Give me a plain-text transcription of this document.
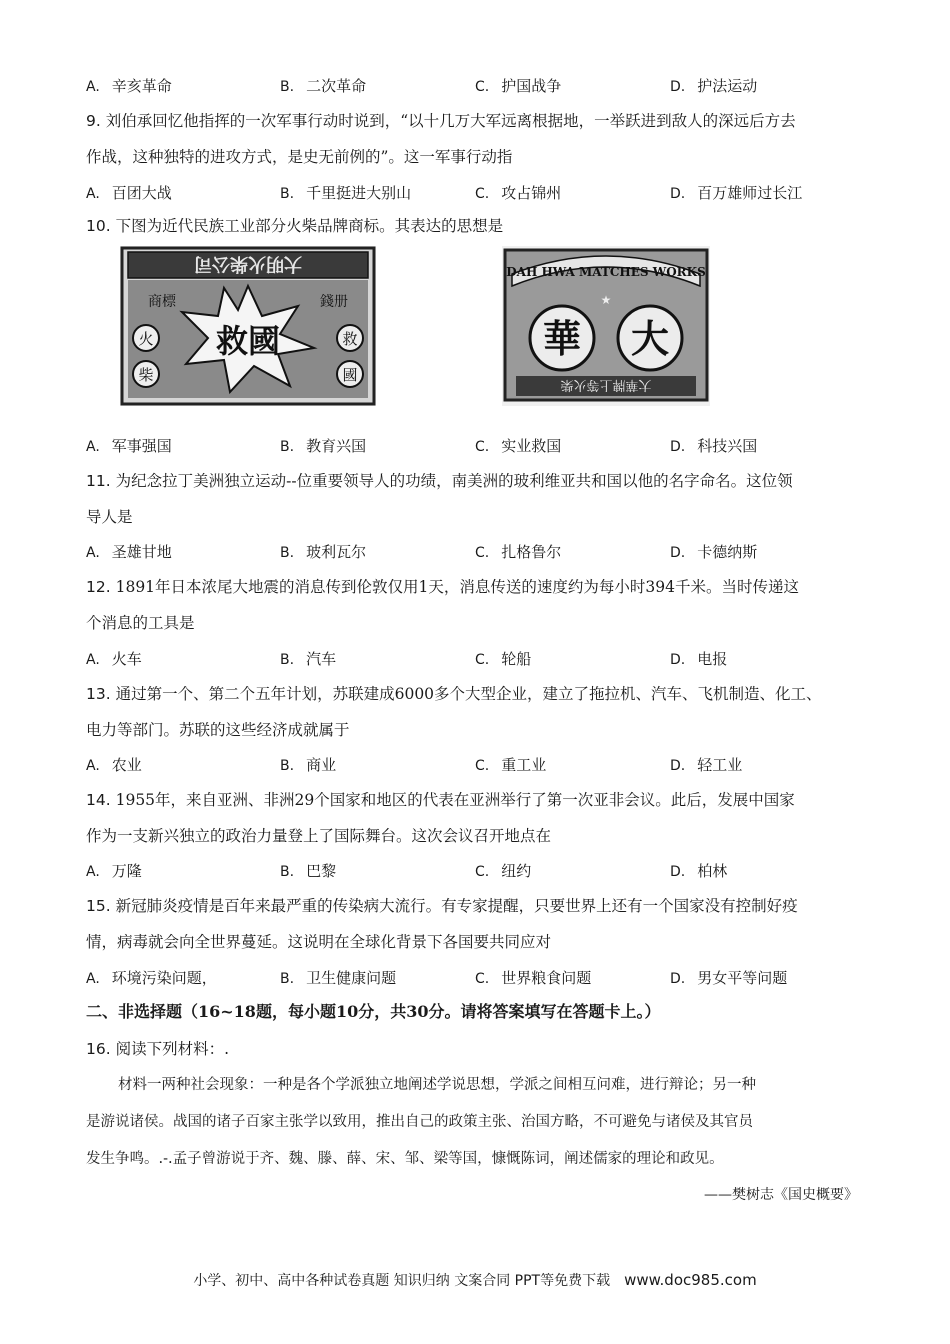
A. 辛亥革命	B. 二次革命	C. 护国战争	D. 护法运动
9. 刘伯承回忆他指挥的一次军事行动时说到，“以十几万大军远离根据地，一举跃进到敌人的深远后方去
作战，这种独特的进攻方式，是史无前例的”。这一军事行动指
A. 百团大战	B. 千里挺进大别山	C. 攻占锦州	D. 百万雄师过长江
10. 下图为近代民族工业部分火柴品牌商标。其表达的思想是
大明火柴公司
救國
商標	錢册
火
柴
救
國
DAH HWA MATCHES WORKS
★
華 大
大華牌上等火柴
A. 军事强国	B. 教育兴国	C. 实业救国	D. 科技兴国
11. 为纪念拉丁美洲独立运动--位重要领导人的功绩，南美洲的玻利维亚共和国以他的名字命名。这位领
导人是
A. 圣雄甘地	B. 玻利瓦尔	C. 扎格鲁尔	D. 卡德纳斯
12. 1891年日本浓尾大地震的消息传到伦敦仅用1天，消息传送的速度约为每小时394千米。当时传递这
个消息的工具是
A. 火车	B. 汽车	C. 轮船	D. 电报
13. 通过第一个、第二个五年计划，苏联建成6000多个大型企业，建立了拖拉机、汽车、飞机制造、化工、
电力等部门。苏联的这些经济成就属于
A. 农业	B. 商业	C. 重工业	D. 轻工业
14. 1955年，来自亚洲、非洲29个国家和地区的代表在亚洲举行了第一次亚非会议。此后，发展中国家
作为一支新兴独立的政治力量登上了国际舞台。这次会议召开地点在
A. 万隆	B. 巴黎	C. 纽约	D. 柏林
15. 新冠肺炎疫情是百年来最严重的传染病大流行。有专家提醒，只要世界上还有一个国家没有控制好疫
情，病毒就会向全世界蔓延。这说明在全球化背景下各国要共同应对
A. 环境污染问题，	B. 卫生健康问题	C. 世界粮食问题	D. 男女平等问题
二、非选择题（16~18题，每小题10分，共30分。请将答案填写在答题卡上。）
16. 阅读下列材料：.
材料一两种社会现象：一种是各个学派独立地阐述学说思想，学派之间相互问难，进行辩论；另一种
是游说诸侯。战国的诸子百家主张学以致用，推出自己的政策主张、治国方略，不可避免与诸侯及其官员
发生争鸣。.-.孟子曾游说于齐、魏、滕、薛、宋、邹、梁等国，慷慨陈词，阐述儒家的理论和政见。
——樊树志《国史概要》
小学、初中、高中各种试卷真题 知识归纳 文案合同 PPT等免费下载 www.doc985.com
